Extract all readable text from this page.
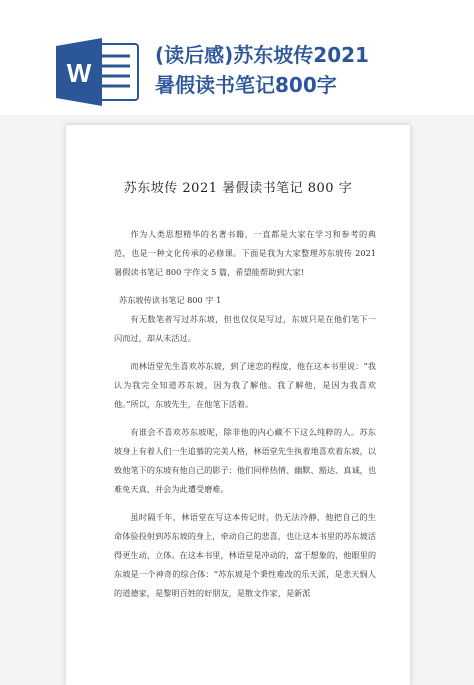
W
(读后感)苏东坡传2021
暑假读书笔记800字
苏东坡传 2021 暑假读书笔记 800 字

作为人类思想精华的名著书籍，一直都是大家在学习和参考的典范，也是一种文化传承的必修课。下面是我为大家整理苏东坡传 2021 暑假读书笔记 800 字作文 5 篇，希望能帮助到大家!

苏东坡传读书笔记 800 字 1

有无数笔者写过苏东坡，但也仅仅是写过，东坡只是在他们笔下一闪而过，却从未活过。

而林语堂先生喜欢苏东坡，到了迷恋的程度，他在这本书里说：“我认为我完全知道苏东坡，因为我了解他。我了解他，是因为我喜欢他。”所以，东坡先生，在他笔下活着。

有谁会不喜欢苏东坡呢，除非他的内心藏不下这么纯粹的人。苏东坡身上有着人们一生追慕的完美人格，林语堂先生执着地喜欢着东坡，以致他笔下的东坡有他自己的影子：他们同样热情、幽默、豁达、真诚，也难免天真，并会为此遭受磨难。

虽时隔千年，林语堂在写这本传记时，仍无法冷静，他把自己的生命体验投射到苏东坡的身上，牵动自己的悲喜，也让这本书里的苏东坡活得更生动、立体。在这本书里，林语堂是冲动的，富于想象的，他眼里的东坡是一个神奇的综合体：“苏东坡是个秉性难改的乐天派，是悲天悯人的道德家，是黎明百姓的好朋友，是散文作家，是新派
